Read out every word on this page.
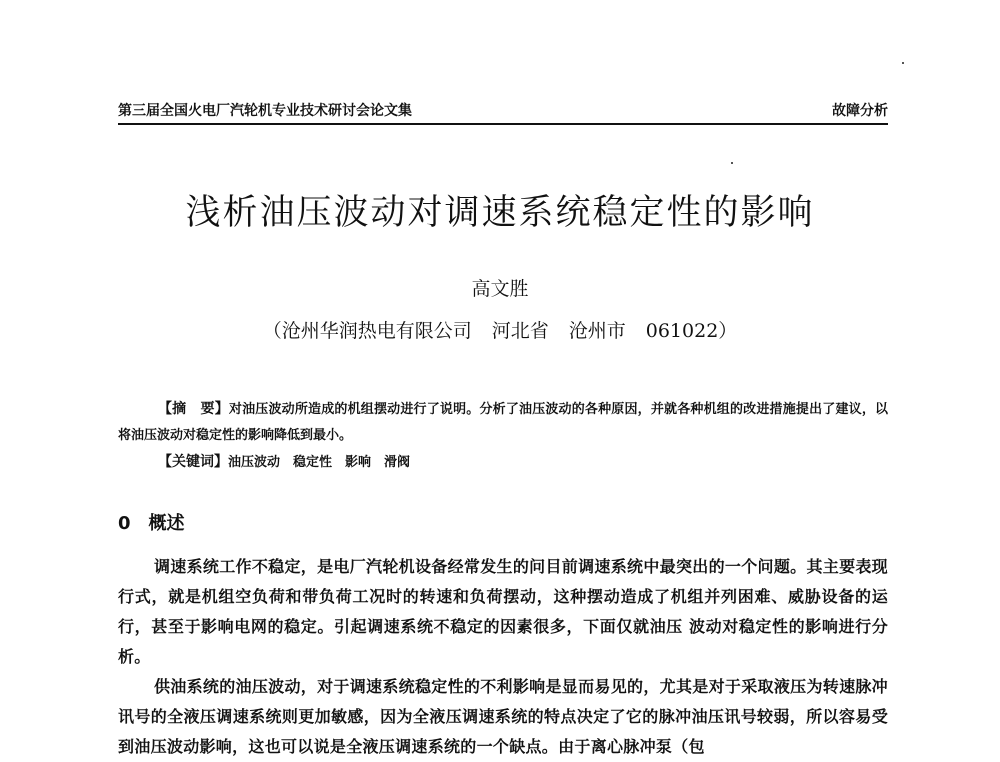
第三届全国火电厂汽轮机专业技术研讨会论文集	故障分析
浅析油压波动对调速系统稳定性的影响
高文胜
（沧州华润热电有限公司 河北省 沧州市 061022）

【摘　要】对油压波动所造成的机组摆动进行了说明。分析了油压波动的各种原因，并就各种机组的改进措施提出了建议，以将油压波动对稳定性的影响降低到最小。

【关键词】油压波动　稳定性　影响　滑阀

0 概述

调速系统工作不稳定，是电厂汽轮机设备经常发生的问目前调速系统中最突出的一个问题。其主要表现行式，就是机组空负荷和带负荷工况时的转速和负荷摆动，这种摆动造成了机组并列困难、威胁设备的运行，甚至于影响电网的稳定。引起调速系统不稳定的因素很多，下面仅就油压 波动对稳定性的影响进行分析。

供油系统的油压波动，对于调速系统稳定性的不利影响是显而易见的，尤其是对于采取液压为转速脉冲讯号的全液压调速系统则更加敏感，因为全液压调速系统的特点决定了它的脉冲油压讯号较弱，所以容易受到油压波动影响，这也可以说是全液压调速系统的一个缺点。由于离心脉冲泵（包
